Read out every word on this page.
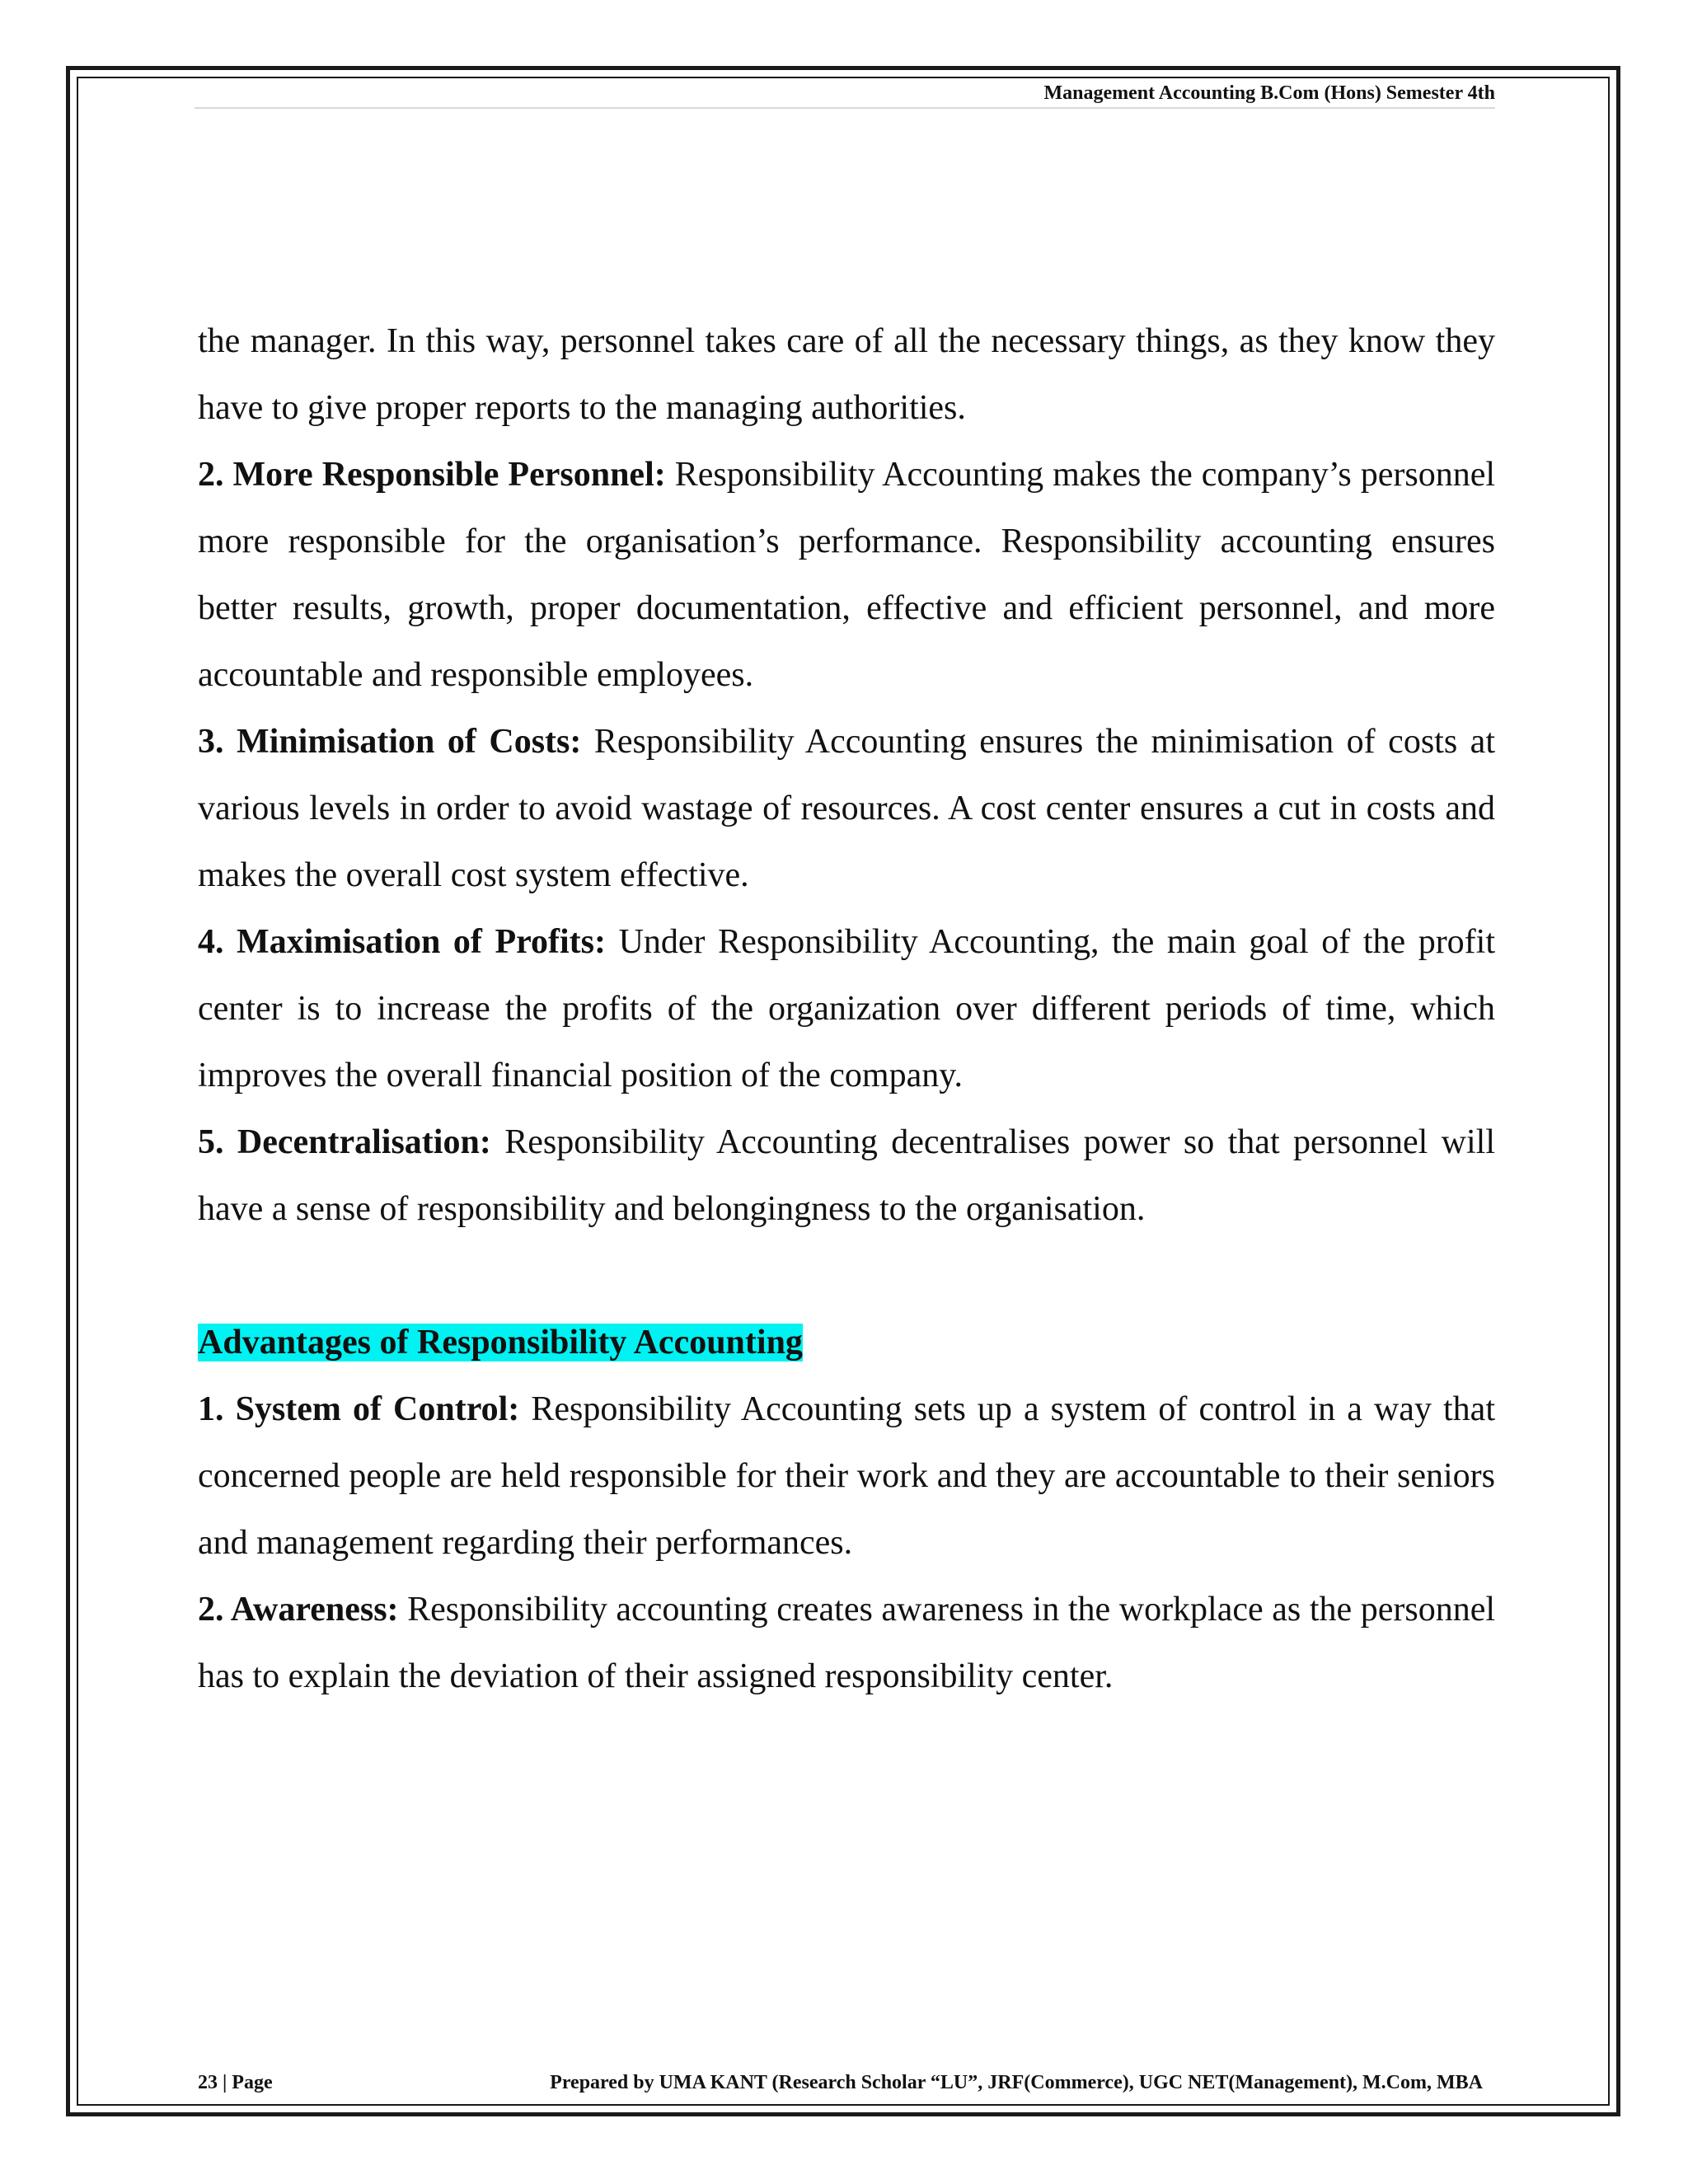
Management Accounting B.Com (Hons) Semester 4th

the manager. In this way, personnel takes care of all the necessary things, as they know they have to give proper reports to the managing authorities.

2. More Responsible Personnel: Responsibility Accounting makes the company’s personnel more responsible for the organisation’s performance. Responsibility accounting ensures better results, growth, proper documentation, effective and efficient personnel, and more accountable and responsible employees.

3. Minimisation of Costs: Responsibility Accounting ensures the minimisation of costs at various levels in order to avoid wastage of resources. A cost center ensures a cut in costs and makes the overall cost system effective.

4. Maximisation of Profits: Under Responsibility Accounting, the main goal of the profit center is to increase the profits of the organization over different periods of time, which improves the overall financial position of the company.

5. Decentralisation: Responsibility Accounting decentralises power so that personnel will have a sense of responsibility and belongingness to the organisation.

Advantages of Responsibility Accounting

1. System of Control: Responsibility Accounting sets up a system of control in a way that concerned people are held responsible for their work and they are accountable to their seniors and management regarding their performances.

2. Awareness: Responsibility accounting creates awareness in the workplace as the personnel has to explain the deviation of their assigned responsibility center.

23 | Page	Prepared by UMA KANT (Research Scholar “LU”, JRF(Commerce), UGC NET(Management), M.Com, MBA
